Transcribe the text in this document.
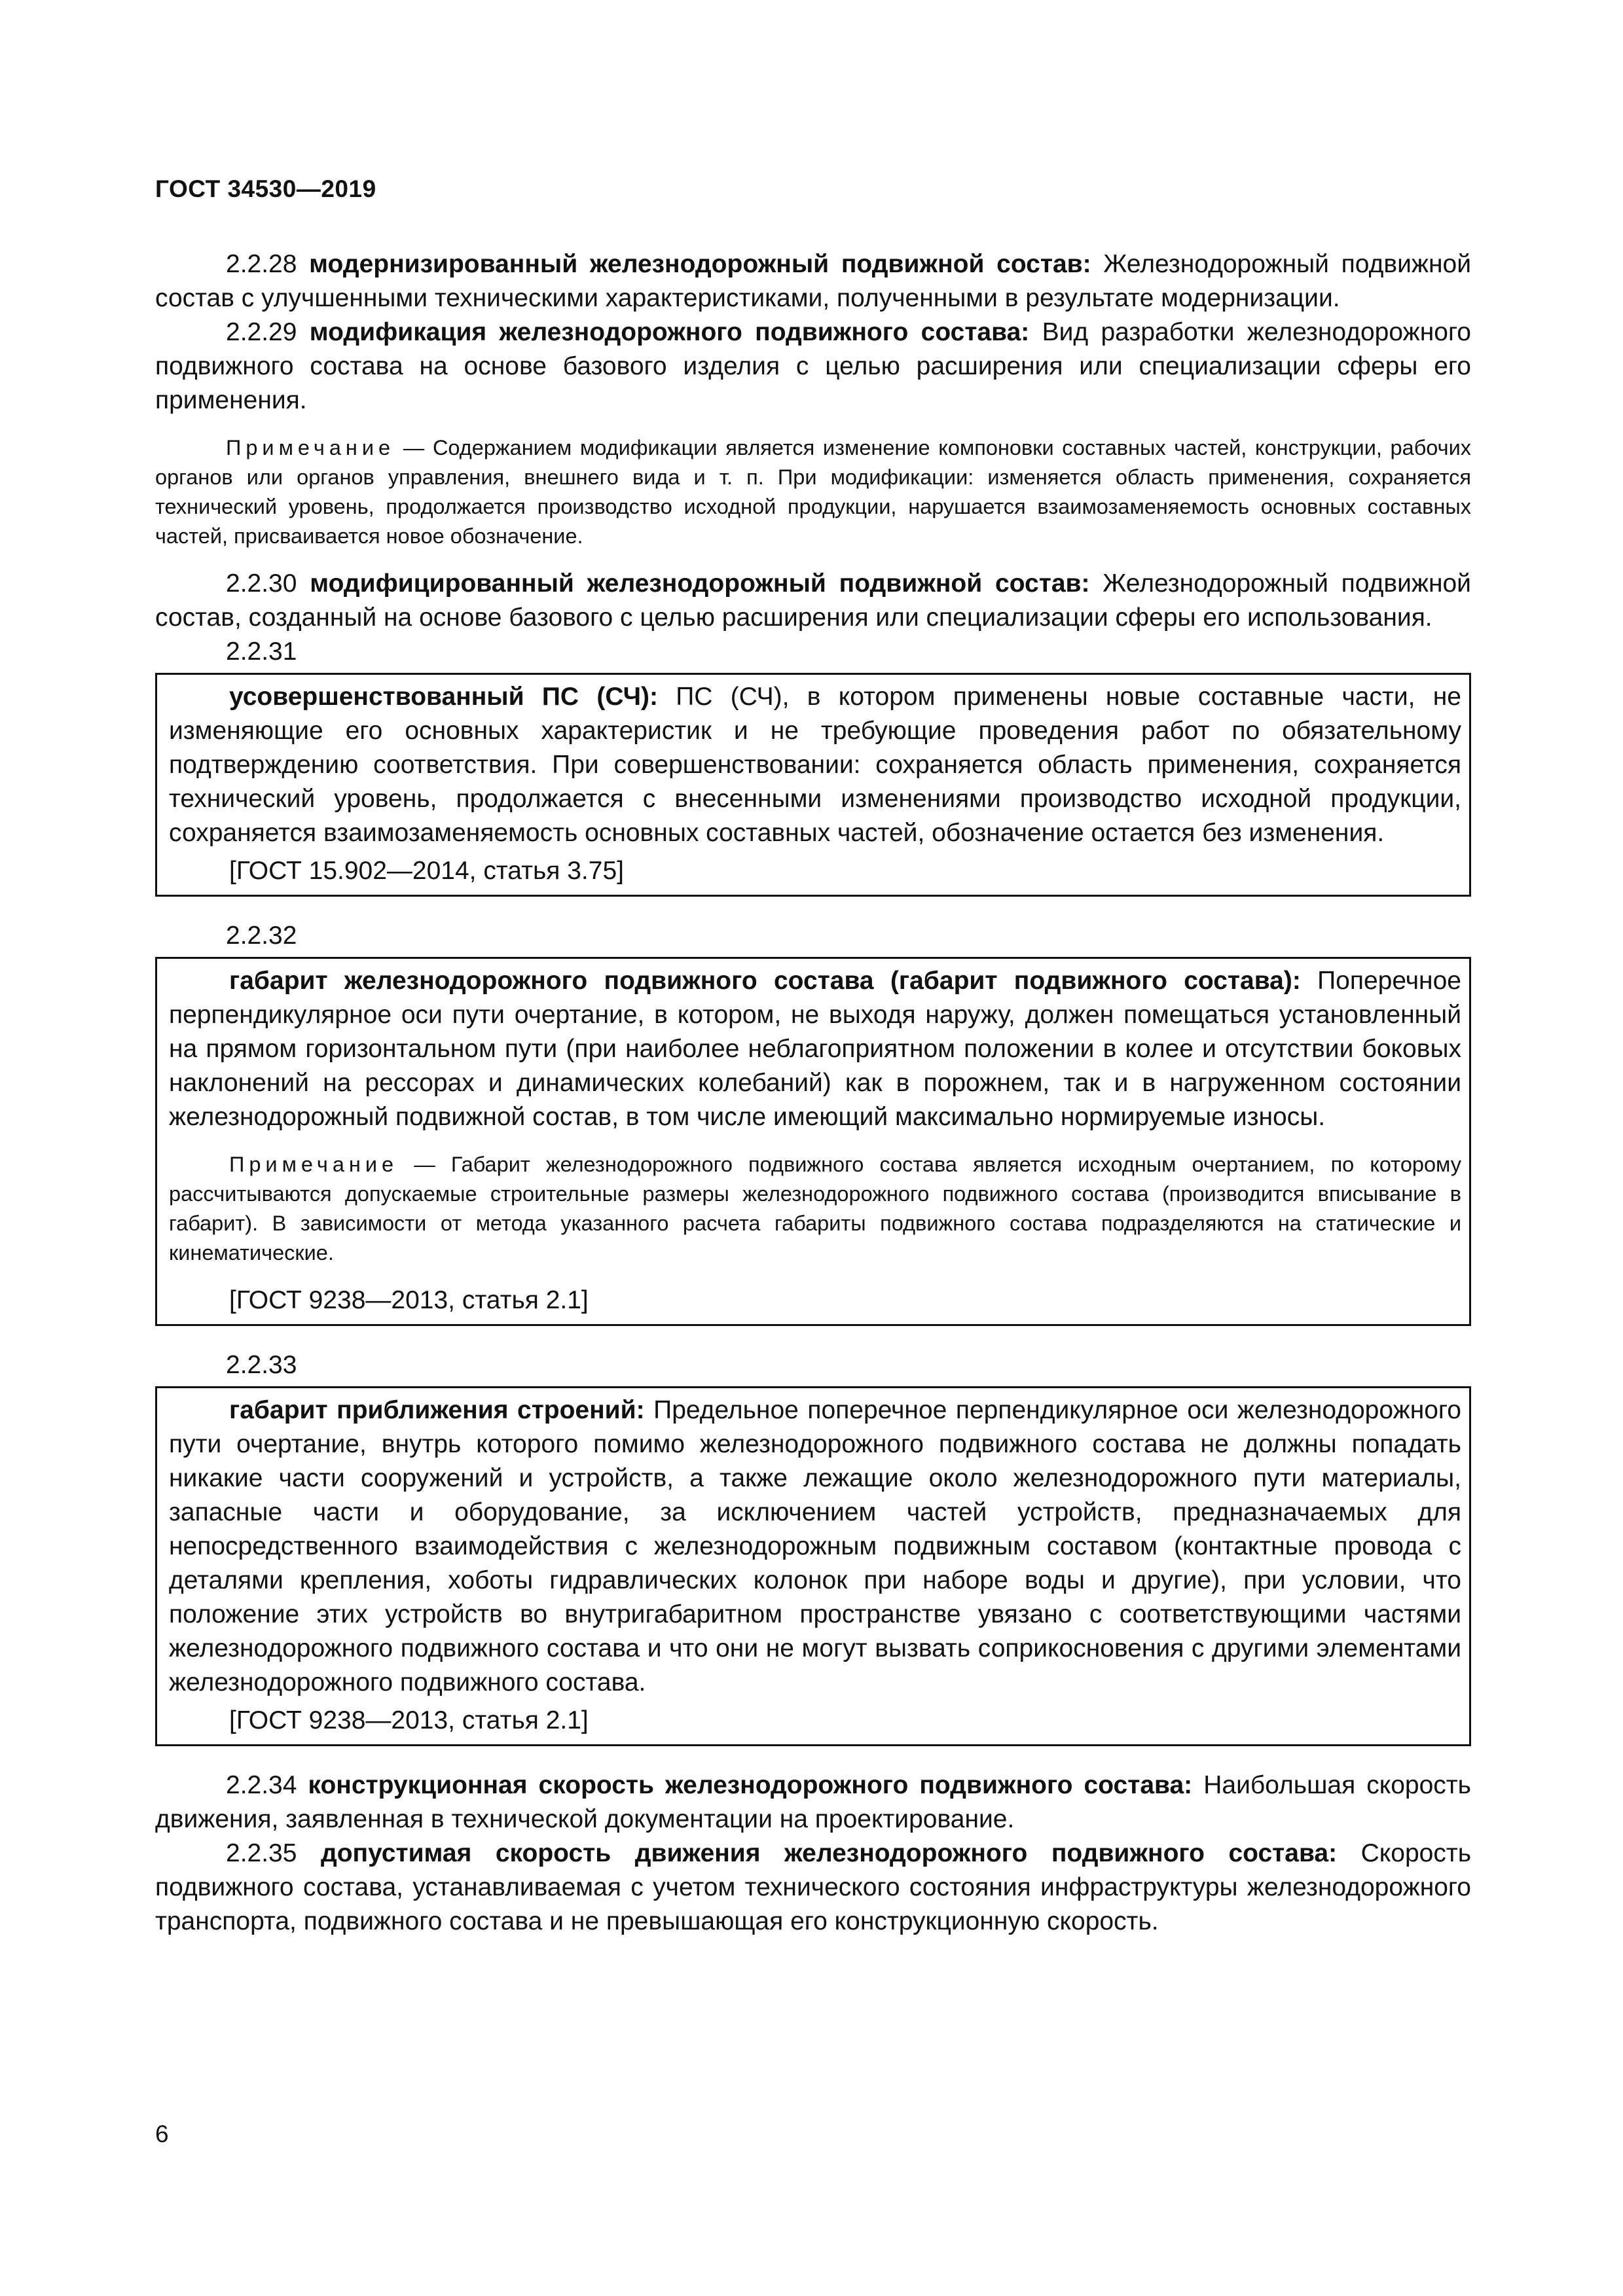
ГОСТ 34530—2019

2.2.28 модернизированный железнодорожный подвижной состав: Железнодорожный подвижной состав с улучшенными техническими характеристиками, полученными в результате модернизации.

2.2.29 модификация железнодорожного подвижного состава: Вид разработки железнодорожного подвижного состава на основе базового изделия с целью расширения или специализации сферы его применения.

Примечание — Содержанием модификации является изменение компоновки составных частей, конструкции, рабочих органов или органов управления, внешнего вида и т. п. При модификации: изменяется область применения, сохраняется технический уровень, продолжается производство исходной продукции, нарушается взаимозаменяемость основных составных частей, присваивается новое обозначение.

2.2.30 модифицированный железнодорожный подвижной состав: Железнодорожный подвижной состав, созданный на основе базового с целью расширения или специализации сферы его использования.

2.2.31

усовершенствованный ПС (СЧ): ПС (СЧ), в котором применены новые составные части, не изменяющие его основных характеристик и не требующие проведения работ по обязательному подтверждению соответствия. При совершенствовании: сохраняется область применения, сохраняется технический уровень, продолжается с внесенными изменениями производство исходной продукции, сохраняется взаимозаменяемость основных составных частей, обозначение остается без изменения.

[ГОСТ 15.902—2014, статья 3.75]

2.2.32

габарит железнодорожного подвижного состава (габарит подвижного состава): Поперечное перпендикулярное оси пути очертание, в котором, не выходя наружу, должен помещаться установленный на прямом горизонтальном пути (при наиболее неблагоприятном положении в колее и отсутствии боковых наклонений на рессорах и динамических колебаний) как в порожнем, так и в нагруженном состоянии железнодорожный подвижной состав, в том числе имеющий максимально нормируемые износы.

Примечание — Габарит железнодорожного подвижного состава является исходным очертанием, по которому рассчитываются допускаемые строительные размеры железнодорожного подвижного состава (производится вписывание в габарит). В зависимости от метода указанного расчета габариты подвижного состава подразделяются на статические и кинематические.

[ГОСТ 9238—2013, статья 2.1]

2.2.33

габарит приближения строений: Предельное поперечное перпендикулярное оси железнодорожного пути очертание, внутрь которого помимо железнодорожного подвижного состава не должны попадать никакие части сооружений и устройств, а также лежащие около железнодорожного пути материалы, запасные части и оборудование, за исключением частей устройств, предназначаемых для непосредственного взаимодействия с железнодорожным подвижным составом (контактные провода с деталями крепления, хоботы гидравлических колонок при наборе воды и другие), при условии, что положение этих устройств во внутригабаритном пространстве увязано с соответствующими частями железнодорожного подвижного состава и что они не могут вызвать соприкосновения с другими элементами железнодорожного подвижного состава.

[ГОСТ 9238—2013, статья 2.1]

2.2.34 конструкционная скорость железнодорожного подвижного состава: Наибольшая скорость движения, заявленная в технической документации на проектирование.

2.2.35 допустимая скорость движения железнодорожного подвижного состава: Скорость подвижного состава, устанавливаемая с учетом технического состояния инфраструктуры железнодорожного транспорта, подвижного состава и не превышающая его конструкционную скорость.

6
